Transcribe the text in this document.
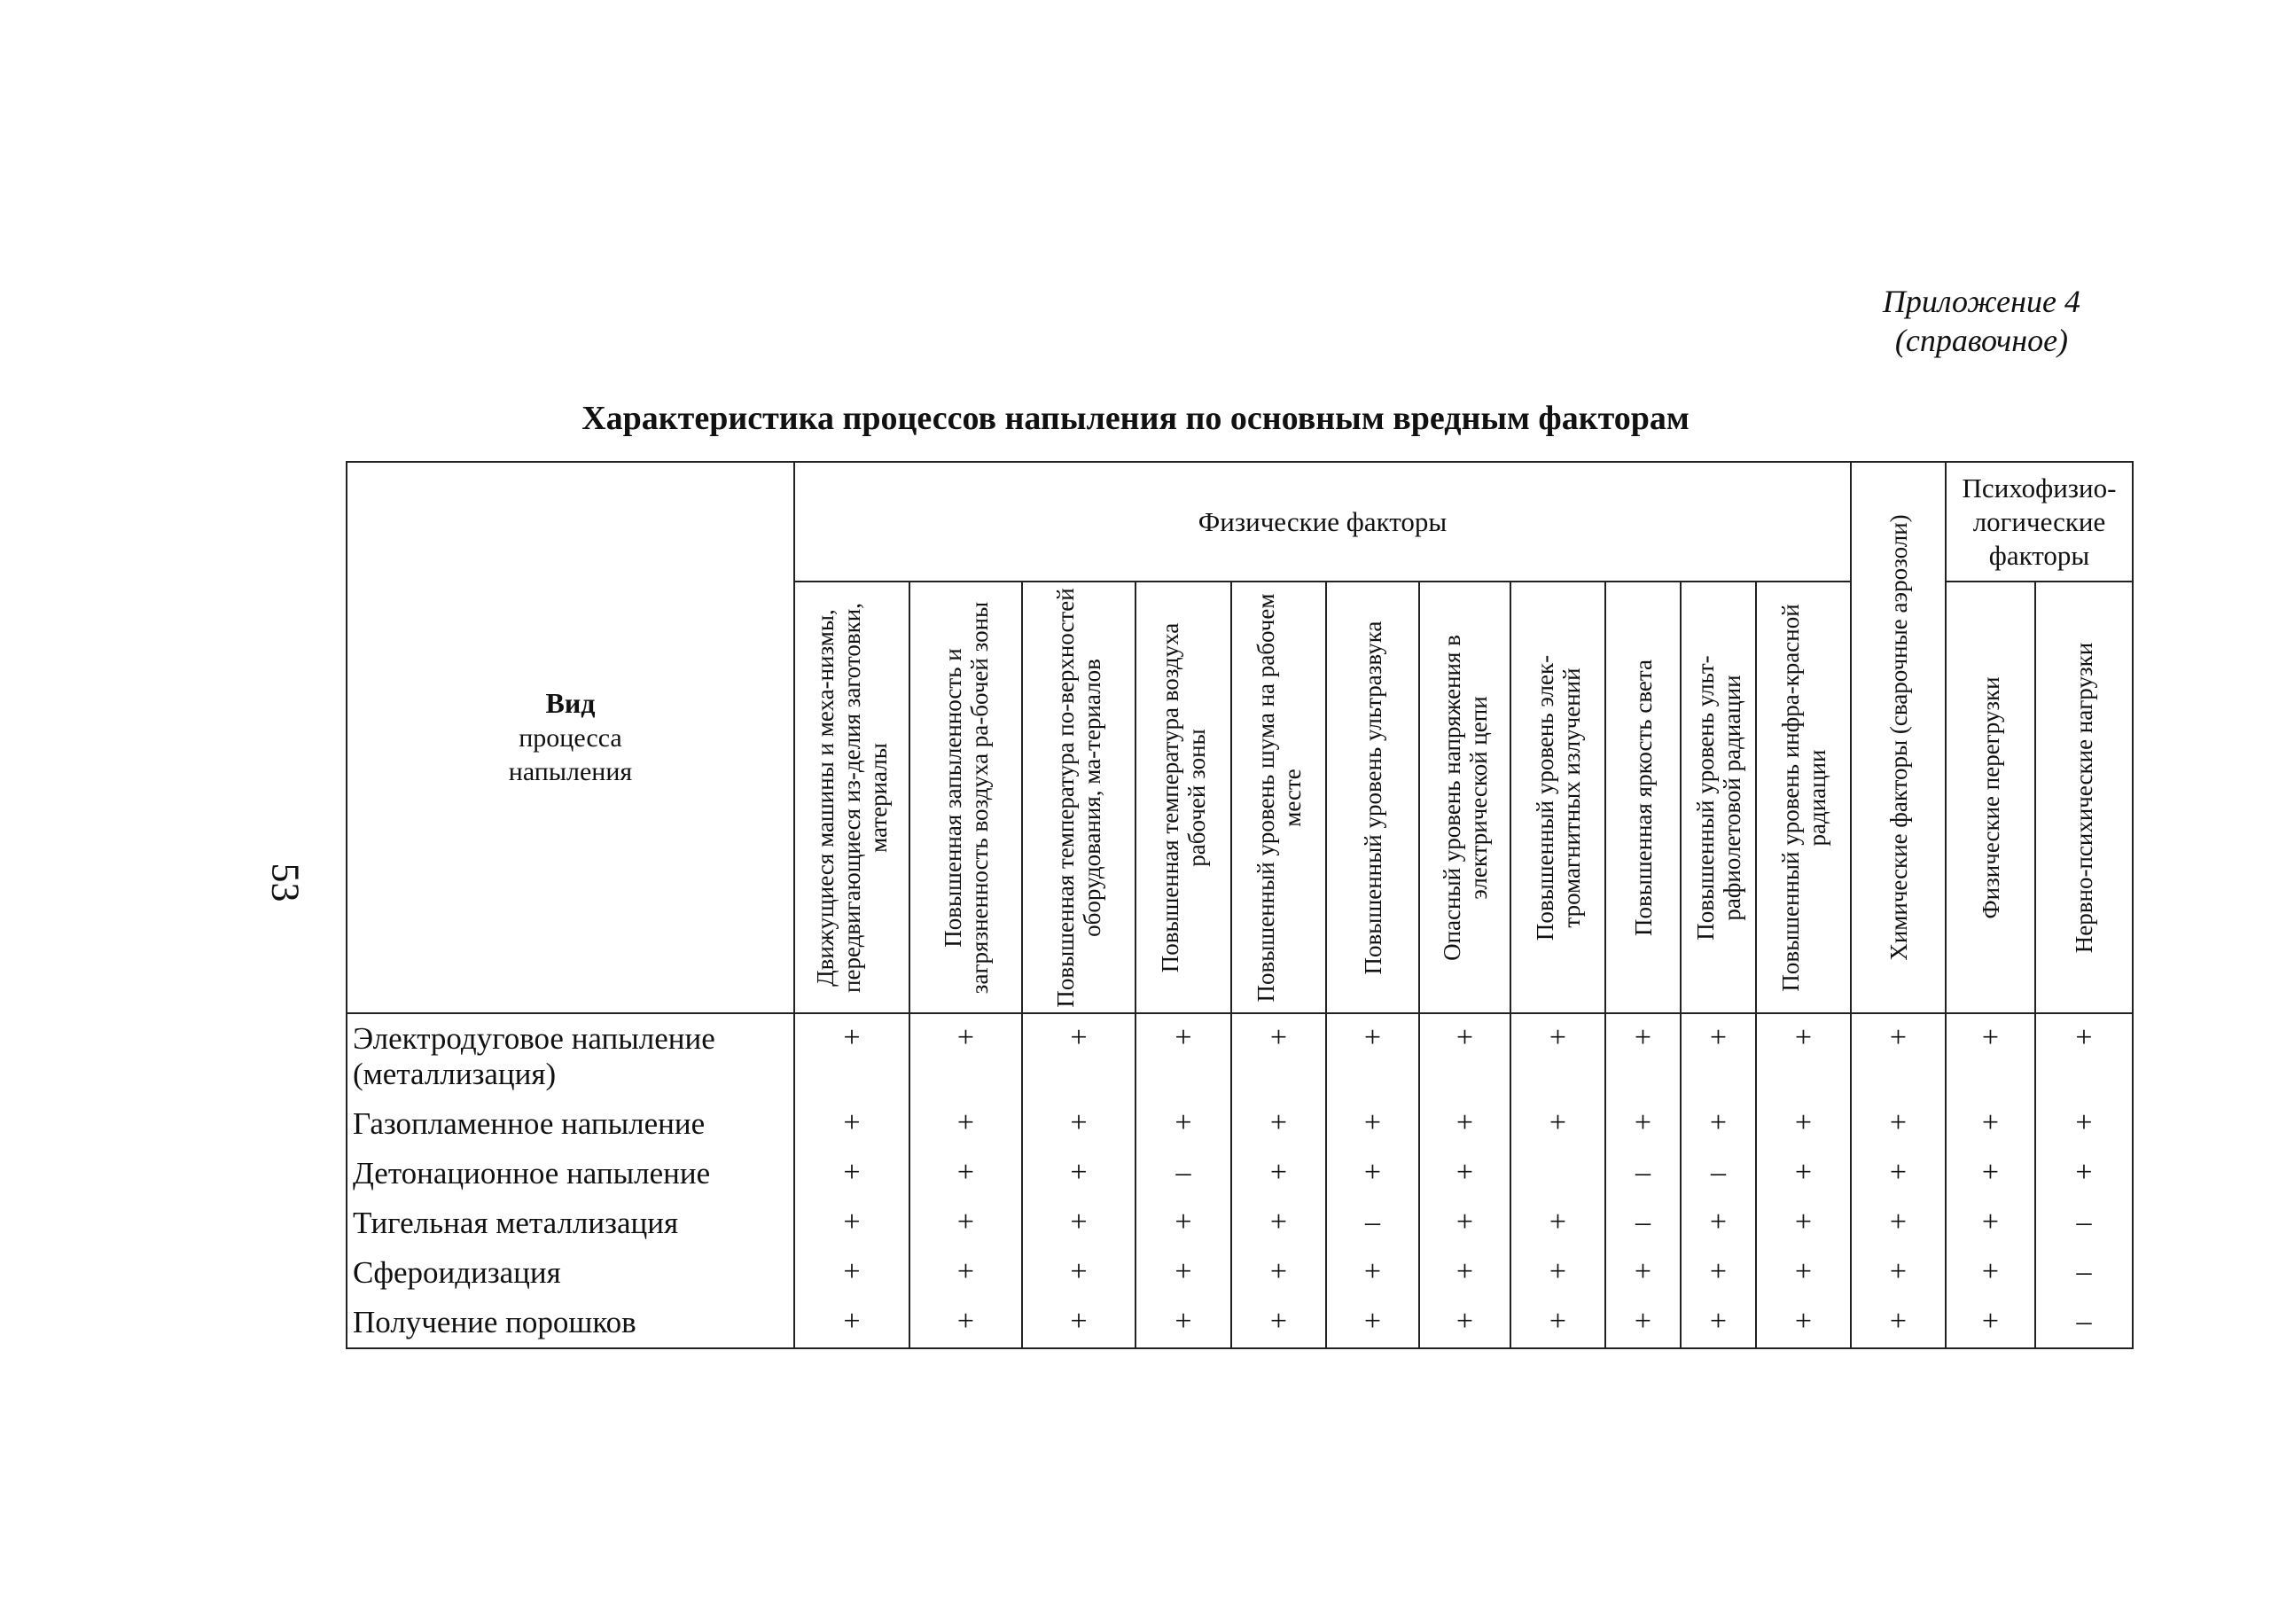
Приложение 4
(справочное)
Характеристика процессов напыления по основным вредным факторам
53
Вид
процесса
напыления	Физические факторы											Химические факторы (сварочные аэрозоли)	Психофизио-логические факторы	

	Движущиеся машины и меха-низмы, передвигающиеся из-делия заготовки, материалы	Повышенная запыленность и загрязненность воздуха ра-бочей зоны	Повышенная температура по-верхностей оборудования, ма-териалов	Повышенная температура воздуха рабочей зоны	Повышенный уровень шума на рабочем месте	Повышенный уровень ультразвука	Опасный уровень напряжения в электрической цепи	Повышенный уровень элек-тромагнитных излучений	Повышенная яркость света	Повышенный уровень ульт-рафиолетовой радиации	Повышенный уровень инфра-красной радиации		Физические перегрузки	Нервно-психические нагрузки

Электродуговое напыление (металлизация)	+	+	+	+	+	+	+	+	+	+	+	+	+	+
Газопламенное напыление	+	+	+	+	+	+	+	+	+	+	+	+	+	+
Детонационное напыление	+	+	+	–	+	+	+		–	–	+	+	+	+
Тигельная металлизация	+	+	+	+	+	–	+	+	–	+	+	+	+	–
Сфероидизация	+	+	+	+	+	+	+	+	+	+	+	+	+	–
Получение порошков	+	+	+	+	+	+	+	+	+	+	+	+	+	–
